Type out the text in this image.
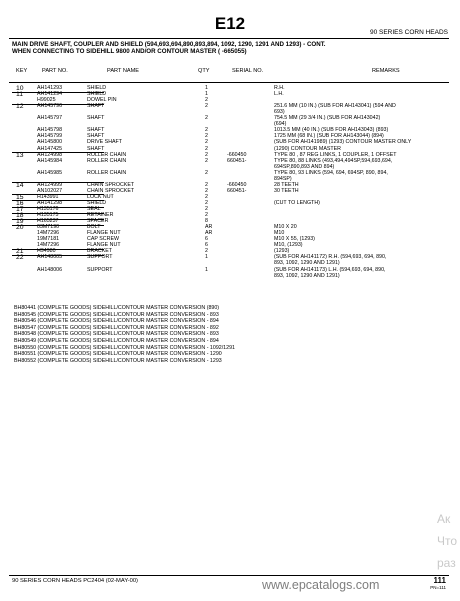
E12	90 SERIES CORN HEADS
MAIN DRIVE SHAFT, COUPLER AND SHIELD (594,693,694,890,893,894, 1092, 1290, 1291 AND 1293) - CONT.
WHEN CONNECTING TO SIDEHILL 9800 AND/OR CONTOUR MASTER ( -665055)
KEY	PART NO.	PART NAME	QTY	SERIAL NO.	REMARKS
10	AH141293	SHIELD	1	R.H.
11	AH141294	SHIELD	1	L.H.
H99025	DOWEL PIN	2
12	AH145796	SHAFT	2	251.6 MM (10 IN.) (SUB FOR AH143041) (594 AND
693)
AH145797	SHAFT	2	754.5 MM (29 3/4 IN.) (SUB FOR AH143042)
(694)
AH145798	SHAFT	2	1013.5 MM (40 IN.) (SUB FOR AH143043) (893)
AH145799	SHAFT	2	1725 MM (68 IN.) (SUB FOR AH143044) (894)
AH145800	DRIVE SHAFT	2	(SUB FOR AH141989) (1293) CONTOUR MASTER ONLY
AH147425	SHAFT	2	(1290) CONTOUR MASTER
13	AH124998	ROLLER CHAIN	2	-660450	TYPE 80 , 87 REG LINKS, 1 COUPLER, 1 OFFSET
AH145984	ROLLER CHAIN	2	660451-	TYPE 80, 88 LINKS (493,494,494SP,594,693,694,
694SP,890,893 AND 894)
AH145985	ROLLER CHAIN	2	TYPE 80, 93 LINKS (594, 694, 694SP, 890, 894,
894SP)
14	AH124999	CHAIN SPROCKET	2	-660450	28 TEETH
AN102027	CHAIN SPROCKET	2	660451-	30 TEETH
15	H143991	LOCK NUT	2
16	AH141298	SHIELD	2	(CUT TO LENGTH)
17	H135176	SEAL	2
18	H135175	RETAINER	2
19	H165237	SPACER	8
20	03M7190	BOLT	AR	M10 X 20
14M7296	FLANGE NUT	AR	M10
19M7181	CAP SCREW	6	M10 X 55, (1293)
14M7296	FLANGE NUT	6	M10, (1293)
21	H94980	BRACKET	2	(1293)
22	AH148005	SUPPORT	1	(SUB FOR AH141172) R.H. (594,693, 694, 890,
893, 1092, 1290 AND 1291)
AH148006	SUPPORT	1	(SUB FOR AH141173) L.H. (594,693, 694, 890,
893, 1092, 1290 AND 1291)
BH80441 (COMPLETE GOODS) SIDEHILL/CONTOUR MASTER CONVERSION (890)
BH80545 (COMPLETE GOODS) SIDEHILL/CONTOUR MASTER CONVERSION - 893
BH80546 (COMPLETE GOODS) SIDEHILL/CONTOUR MASTER CONVERSION - 894
BH80547 (COMPLETE GOODS) SIDEHILL/CONTOUR MASTER CONVERSION - 892
BH80548 (COMPLETE GOODS) SIDEHILL/CONTOUR MASTER CONVERSION - 893
BH80549 (COMPLETE GOODS) SIDEHILL/CONTOUR MASTER CONVERSION - 894
BH80550 (COMPLETE GOODS) SIDEHILL/CONTOUR MASTER CONVERSION - 1092/1291
BH80551 (COMPLETE GOODS) SIDEHILL/CONTOUR MASTER CONVERSION - 1290
BH80552 (COMPLETE GOODS) SIDEHILL/CONTOUR MASTER CONVERSION - 1293
90 SERIES CORN HEADS PC2404 (02-MAY-00)	www.epcatalogs.com	111
PN=111
Ак
Что
раз
